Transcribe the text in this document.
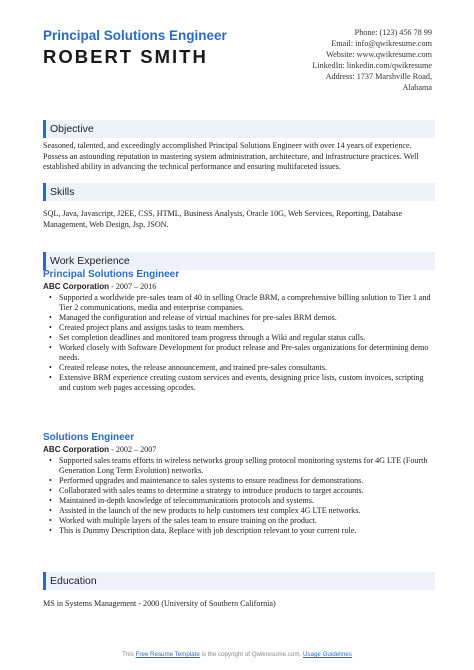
Principal Solutions Engineer
ROBERT SMITH
Phone: (123) 456 78 99
Email: info@qwikresume.com
Website: www.qwikresume.com
LinkedIn: linkedin.com/qwikresume
Address: 1737 Marshville Road,
Alabama
Objective
Seasoned, talented, and exceedingly accomplished Principal Solutions Engineer with over 14 years of experience. Possess an astounding reputation in mastering system administration, architecture, and infrastructure practices. Well established ability in advancing the technical performance and ensuring multifaceted issues.
Skills
SQL, Java, Javascript, J2EE, CSS, HTML, Business Analysis, Oracle 10G, Web Services, Reporting, Database Management, Web Design, Jsp, JSON.
Work Experience
Principal Solutions Engineer
ABC Corporation - 2007 – 2016
• Supported a worldwide pre-sales team of 40 in selling Oracle BRM, a comprehensive billing solution to Tier 1 and Tier 2 communications, media and enterprise companies.
• Managed the configuration and release of virtual machines for pre-sales BRM demos.
• Created project plans and assigns tasks to team members.
• Set completion deadlines and monitored team progress through a Wiki and regular status calls.
• Worked closely with Software Development for product release and Pre-sales organizations for determining demo needs.
• Created release notes, the release announcement, and trained pre-sales consultants.
• Extensive BRM experience creating custom services and events, designing price lists, custom invoices, scripting and custom web pages accessing opcodes.
Solutions Engineer
ABC Corporation - 2002 – 2007
• Supported sales teams efforts in wireless networks group selling protocol monitoring systems for 4G LTE (Fourth Generation Long Term Evolution) networks.
• Performed upgrades and maintenance to sales systems to ensure readiness for demonstrations.
• Collaborated with sales teams to determine a strategy to introduce products to target accounts.
• Maintained in-depth knowledge of telecommunications protocols and systems.
• Assisted in the launch of the new products to help customers test complex 4G LTE networks.
• Worked with multiple layers of the sales team to ensure training on the product.
• This is Dummy Description data, Replace with job description relevant to your current role.
Education
MS in Systems Management - 2000 (University of Southern California)
This Free Resume Template is the copyright of Qwikresume.com. Usage Guidelines
